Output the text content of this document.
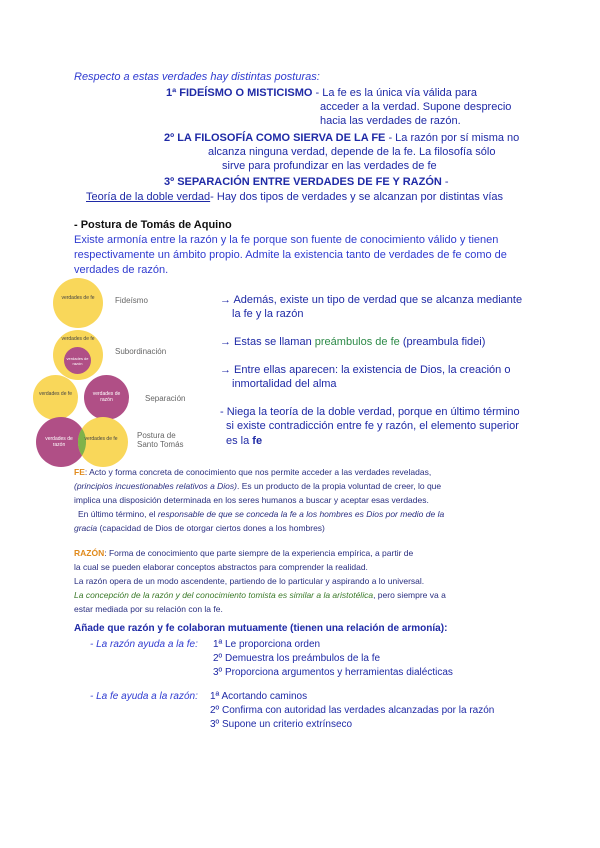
Respecto a estas verdades hay distintas posturas:
1ª FIDEÍSMO O MISTICISMO - La fe es la única vía válida para
acceder a la verdad. Supone desprecio
hacia las verdades de razón.
2º LA FILOSOFÍA COMO SIERVA DE LA FE - La razón por sí misma no
alcanza ninguna verdad, depende de la fe. La filosofía sólo
sirve para profundizar en las verdades de fe
3º SEPARACIÓN ENTRE VERDADES DE FE Y RAZÓN -
Teoría de la doble verdad- Hay dos tipos de verdades y se alcanzan por distintas vías
- Postura de Tomás de Aquino
Existe armonía entre la razón y la fe porque son fuente de conocimiento válido y tienen
respectivamente un ámbito propio. Admite la existencia tanto de verdades de fe como de
verdades de razón.
verdades de fe	Fideísmo
verdades de fe
verdades de razón
Subordinación
verdades de fe	verdades de razón	Separación
verdades de razón
verdades de fe Postura de
Santo Tomás
→ Además, existe un tipo de verdad que se alcanza mediante
la fe y la razón
→ Estas se llaman preámbulos de fe (preambula fidei)
→ Entre ellas aparecen: la existencia de Dios, la creación o
inmortalidad del alma
- Niega la teoría de la doble verdad, porque en último término
si existe contradicción entre fe y razón, el elemento superior
es la fe
FE: Acto y forma concreta de conocimiento que nos permite acceder a las verdades reveladas,
(principios incuestionables relativos a Dios). Es un producto de la propia voluntad de creer, lo que
implica una disposición determinada en los seres humanos a buscar y aceptar esas verdades.
En último término, el responsable de que se conceda la fe a los hombres es Dios por medio de la
gracia (capacidad de Dios de otorgar ciertos dones a los hombres)
RAZÓN: Forma de conocimiento que parte siempre de la experiencia empírica, a partir de
la cual se pueden elaborar conceptos abstractos para comprender la realidad.
La razón opera de un modo ascendente, partiendo de lo particular y aspirando a lo universal.
La concepción de la razón y del conocimiento tomista es similar a la aristotélica, pero siempre va a
estar mediada por su relación con la fe.
Añade que razón y fe colaboran mutuamente (tienen una relación de armonía):
- La razón ayuda a la fe: 1ª Le proporciona orden
2º Demuestra los preámbulos de la fe
3º Proporciona argumentos y herramientas dialécticas
- La fe ayuda a la razón: 1ª Acortando caminos
2º Confirma con autoridad las verdades alcanzadas por la razón
3º Supone un criterio extrínseco
